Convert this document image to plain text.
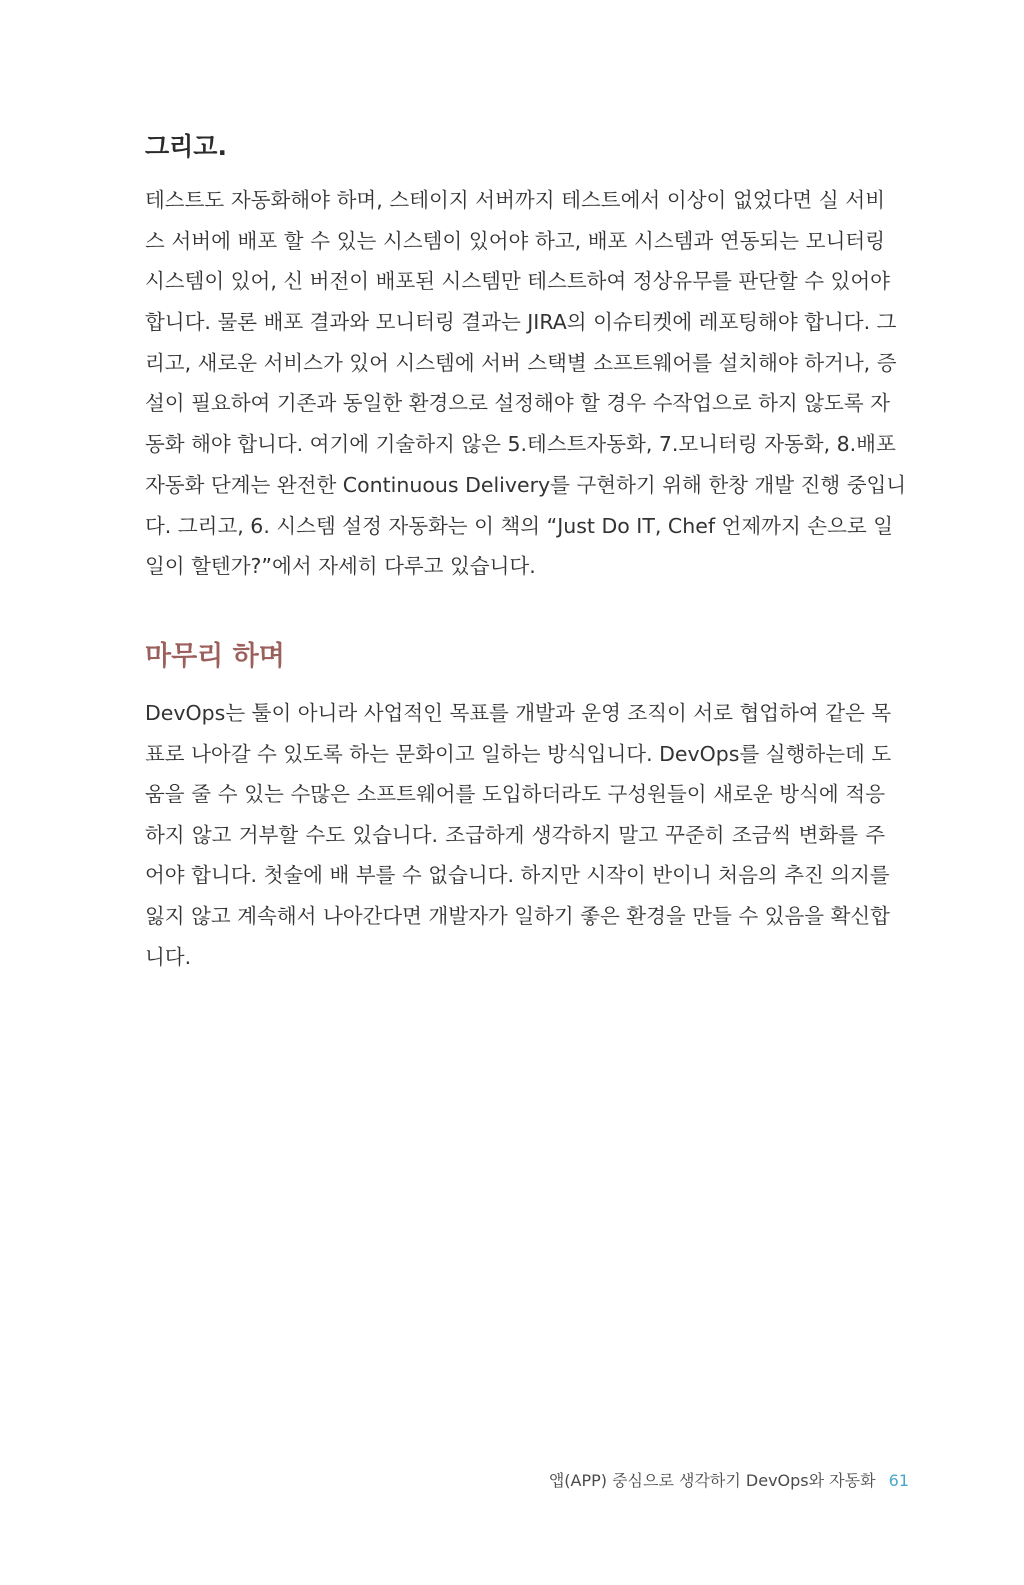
그리고.
테스트도 자동화해야 하며, 스테이지 서버까지 테스트에서 이상이 없었다면 실 서비
스 서버에 배포 할 수 있는 시스템이 있어야 하고, 배포 시스템과 연동되는 모니터링
시스템이 있어, 신 버전이 배포된 시스템만 테스트하여 정상유무를 판단할 수 있어야
합니다. 물론 배포 결과와 모니터링 결과는 JIRA의 이슈티켓에 레포팅해야 합니다. 그
리고, 새로운 서비스가 있어 시스템에 서버 스택별 소프트웨어를 설치해야 하거나, 증
설이 필요하여 기존과 동일한 환경으로 설정해야 할 경우 수작업으로 하지 않도록 자
동화 해야 합니다. 여기에 기술하지 않은 5.테스트자동화, 7.모니터링 자동화, 8.배포
자동화 단계는 완전한 Continuous Delivery를 구현하기 위해 한창 개발 진행 중입니
다. 그리고, 6. 시스템 설정 자동화는 이 책의 “Just Do IT, Chef 언제까지 손으로 일
일이 할텐가?”에서 자세히 다루고 있습니다.
마무리 하며
DevOps는 툴이 아니라 사업적인 목표를 개발과 운영 조직이 서로 협업하여 같은 목
표로 나아갈 수 있도록 하는 문화이고 일하는 방식입니다. DevOps를 실행하는데 도
움을 줄 수 있는 수많은 소프트웨어를 도입하더라도 구성원들이 새로운 방식에 적응
하지 않고 거부할 수도 있습니다. 조급하게 생각하지 말고 꾸준히 조금씩 변화를 주
어야 합니다. 첫술에 배 부를 수 없습니다. 하지만 시작이 반이니 처음의 추진 의지를
잃지 않고 계속해서 나아간다면 개발자가 일하기 좋은 환경을 만들 수 있음을 확신합
니다.
앱(APP) 중심으로 생각하기 DevOps와 자동화 61
